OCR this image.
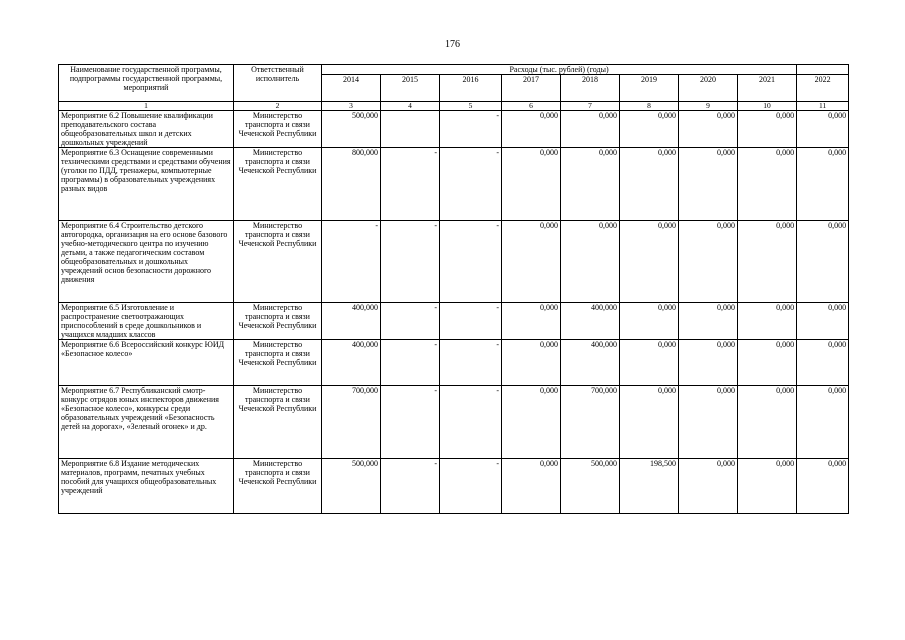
176
Наименование государственной программы, подпрограммы государственной программы, мероприятий	Ответственный исполнитель	Расходы (тыс. рублей) (годы)								
		2014	2015	2016	2017	2018	2019	2020	2021	2022
1	2	3	4	5	6	7	8	9	10	11
Мероприятие 6.2 Повышение квалификации преподавательского состава общеобразовательных школ и детских дошкольных учреждений	Министерство транспорта и связи Чеченской Республики	500,000		-	0,000	0,000	0,000	0,000	0,000	0,000
Мероприятие 6.3 Оснащение современными техническими средствами и средствами обучения (уголки по ПДД, тренажеры, компьютерные программы) в образовательных учреждениях разных видов	Министерство транспорта и связи Чеченской Республики	800,000	-	-	0,000	0,000	0,000	0,000	0,000	0,000
Мероприятие 6.4 Строительство детского автогородка, организация на его основе базового учебно-методического центра по изучению детьми, а также педагогическим составом общеобразовательных и дошкольных учреждений основ безопасности дорожного движения	Министерство транспорта и связи Чеченской Республики	-	-	-	0,000	0,000	0,000	0,000	0,000	0,000
Мероприятие 6.5 Изготовление и распространение светоотражающих приспособлений в среде дошкольников и учащихся младших классов	Министерство транспорта и связи Чеченской Республики	400,000	-	-	0,000	400,000	0,000	0,000	0,000	0,000
Мероприятие 6.6 Всероссийский конкурс ЮИД «Безопасное колесо»	Министерство транспорта и связи Чеченской Республики	400,000	-	-	0,000	400,000	0,000	0,000	0,000	0,000
Мероприятие 6.7 Республиканский смотр-конкурс отрядов юных инспекторов движения «Безопасное колесо», конкурсы среди образовательных учреждений «Безопасность детей на дорогах», «Зеленый огонек» и др.	Министерство транспорта и связи Чеченской Республики	700,000	-	-	0,000	700,000	0,000	0,000	0,000	0,000
Мероприятие 6.8 Издание методических материалов, программ, печатных учебных пособий для учащихся общеобразовательных учреждений	Министерство транспорта и связи Чеченской Республики	500,000	-	-	0,000	500,000	198,500	0,000	0,000	0,000
